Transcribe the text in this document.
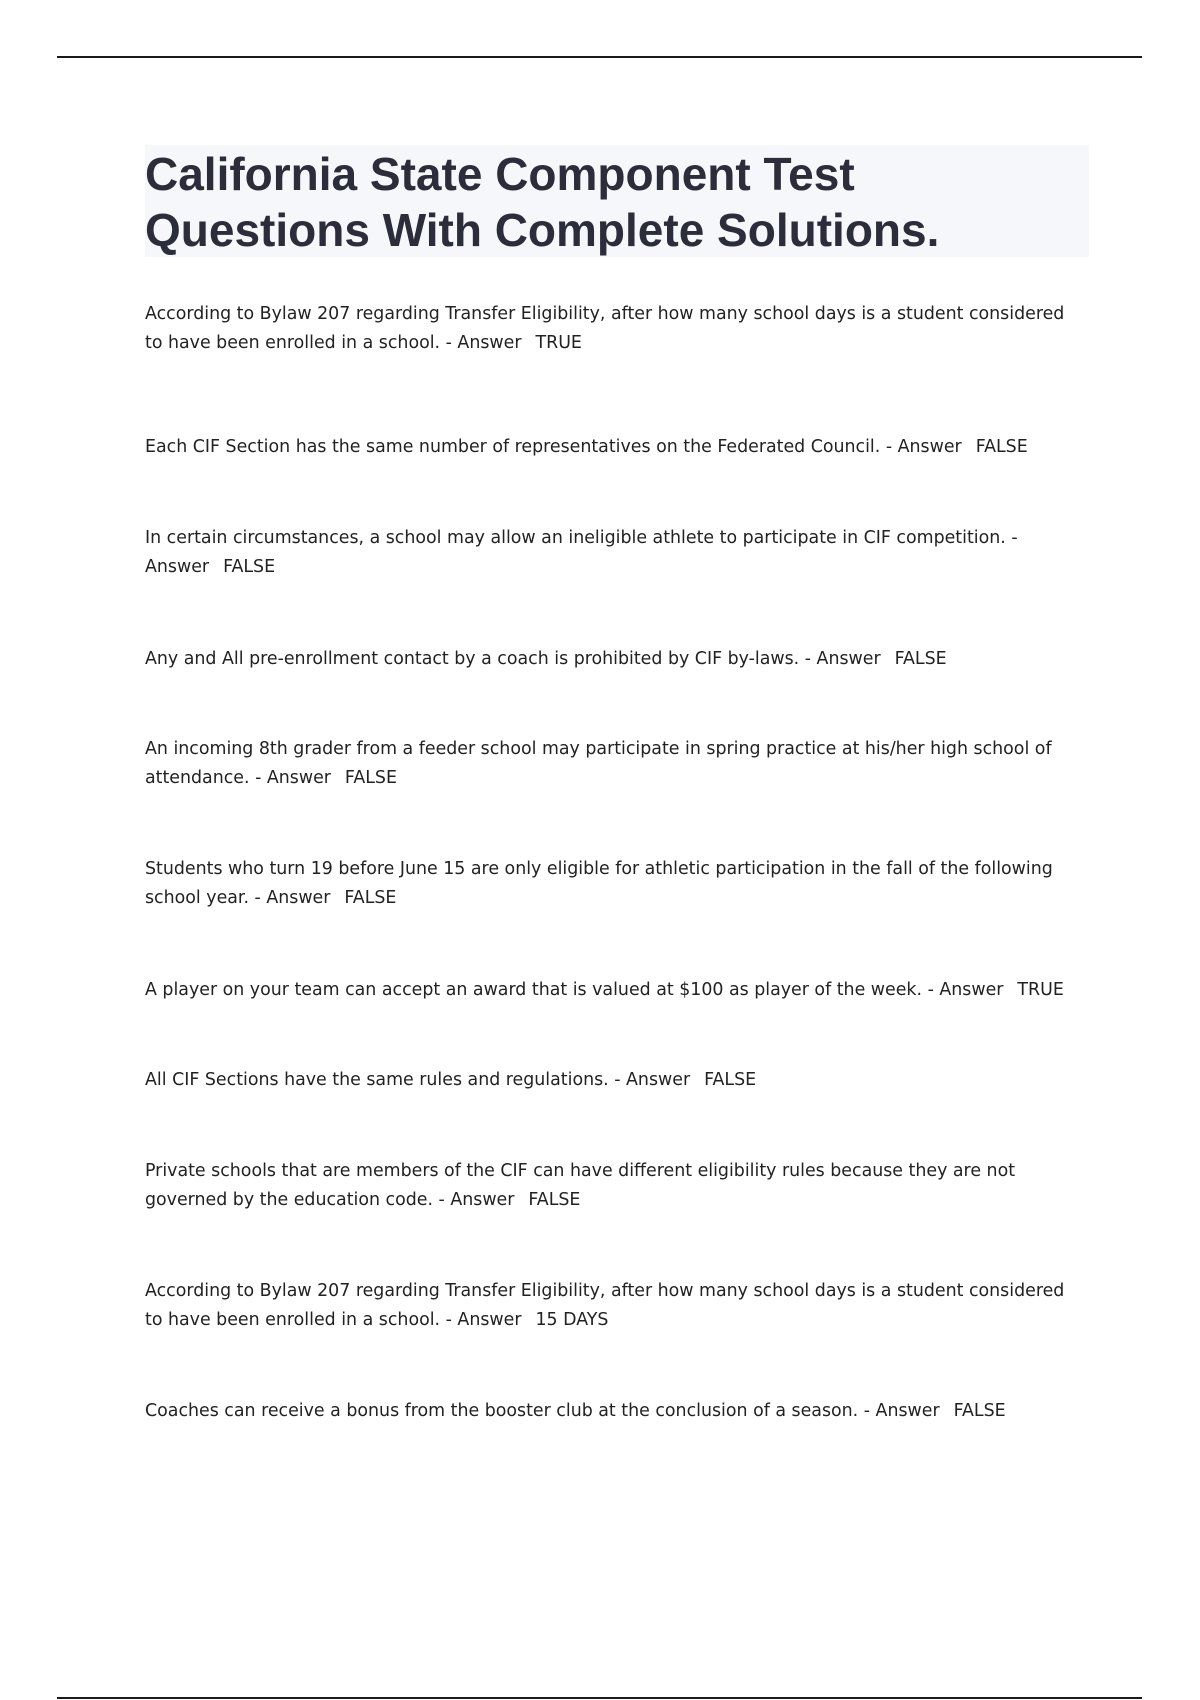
California State Component Test Questions With Complete Solutions.

According to Bylaw 207 regarding Transfer Eligibility, after how many school days is a student considered to have been enrolled in a school. - Answer TRUE

Each CIF Section has the same number of representatives on the Federated Council. - Answer FALSE

In certain circumstances, a school may allow an ineligible athlete to participate in CIF competition. - Answer FALSE

Any and All pre-enrollment contact by a coach is prohibited by CIF by-laws. - Answer FALSE

An incoming 8th grader from a feeder school may participate in spring practice at his/her high school of attendance. - Answer FALSE

Students who turn 19 before June 15 are only eligible for athletic participation in the fall of the following school year. - Answer FALSE

A player on your team can accept an award that is valued at $100 as player of the week. - Answer TRUE

All CIF Sections have the same rules and regulations. - Answer FALSE

Private schools that are members of the CIF can have different eligibility rules because they are not governed by the education code. - Answer FALSE

According to Bylaw 207 regarding Transfer Eligibility, after how many school days is a student considered to have been enrolled in a school. - Answer 15 DAYS

Coaches can receive a bonus from the booster club at the conclusion of a season. - Answer FALSE
